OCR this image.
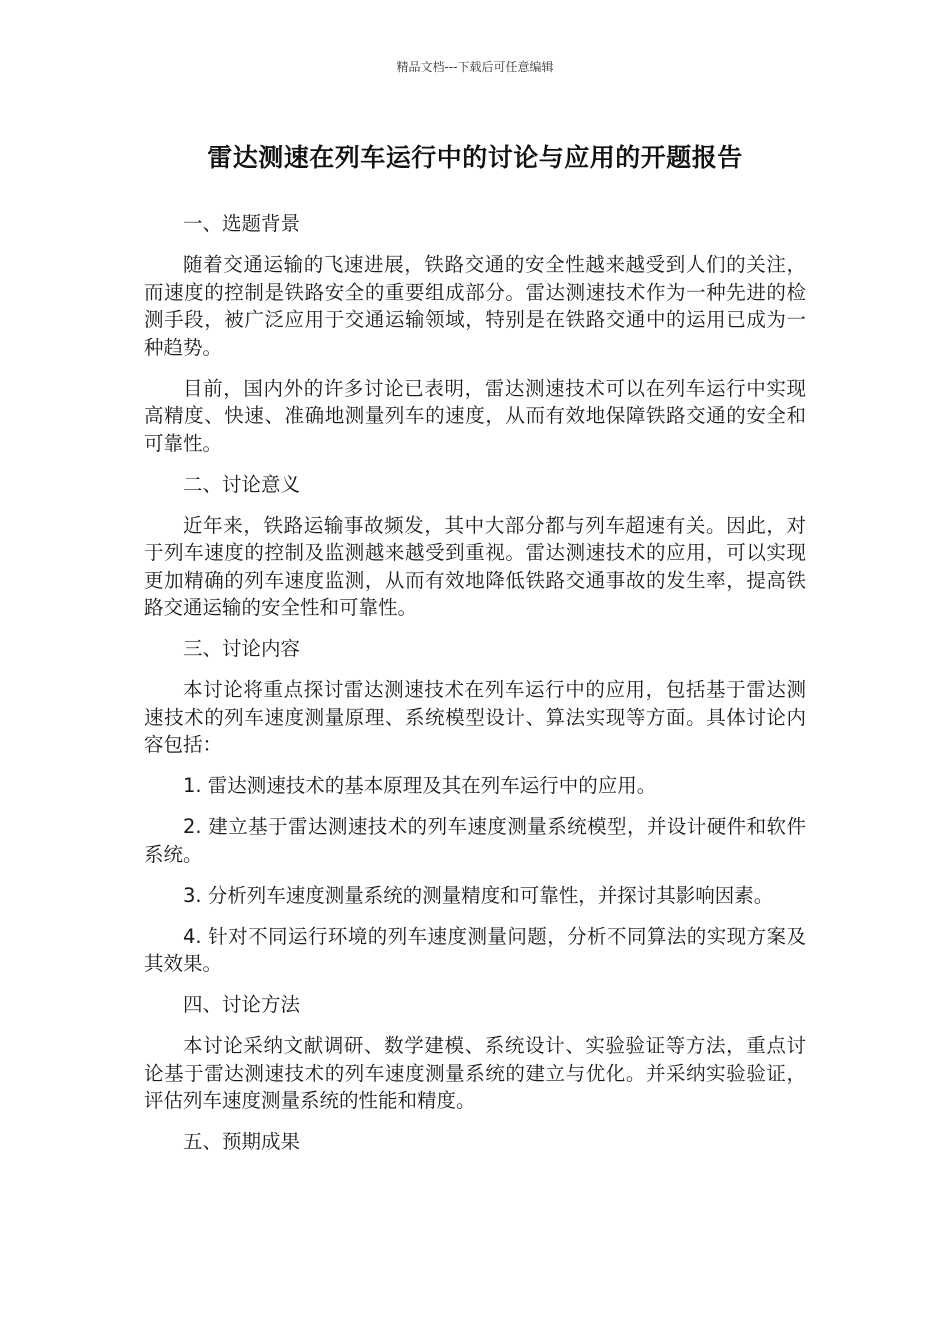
精品文档---下载后可任意编辑
雷达测速在列车运行中的讨论与应用的开题报告
一、选题背景
随着交通运输的飞速进展，铁路交通的安全性越来越受到人们的关注，而速度的控制是铁路安全的重要组成部分。雷达测速技术作为一种先进的检测手段，被广泛应用于交通运输领域，特别是在铁路交通中的运用已成为一种趋势。
目前，国内外的许多讨论已表明，雷达测速技术可以在列车运行中实现高精度、快速、准确地测量列车的速度，从而有效地保障铁路交通的安全和可靠性。
二、讨论意义
近年来，铁路运输事故频发，其中大部分都与列车超速有关。因此，对于列车速度的控制及监测越来越受到重视。雷达测速技术的应用，可以实现更加精确的列车速度监测，从而有效地降低铁路交通事故的发生率，提高铁路交通运输的安全性和可靠性。
三、讨论内容
本讨论将重点探讨雷达测速技术在列车运行中的应用，包括基于雷达测速技术的列车速度测量原理、系统模型设计、算法实现等方面。具体讨论内容包括：
1. 雷达测速技术的基本原理及其在列车运行中的应用。
2. 建立基于雷达测速技术的列车速度测量系统模型，并设计硬件和软件系统。
3. 分析列车速度测量系统的测量精度和可靠性，并探讨其影响因素。
4. 针对不同运行环境的列车速度测量问题，分析不同算法的实现方案及其效果。
四、讨论方法
本讨论采纳文献调研、数学建模、系统设计、实验验证等方法，重点讨论基于雷达测速技术的列车速度测量系统的建立与优化。并采纳实验验证，评估列车速度测量系统的性能和精度。
五、预期成果
